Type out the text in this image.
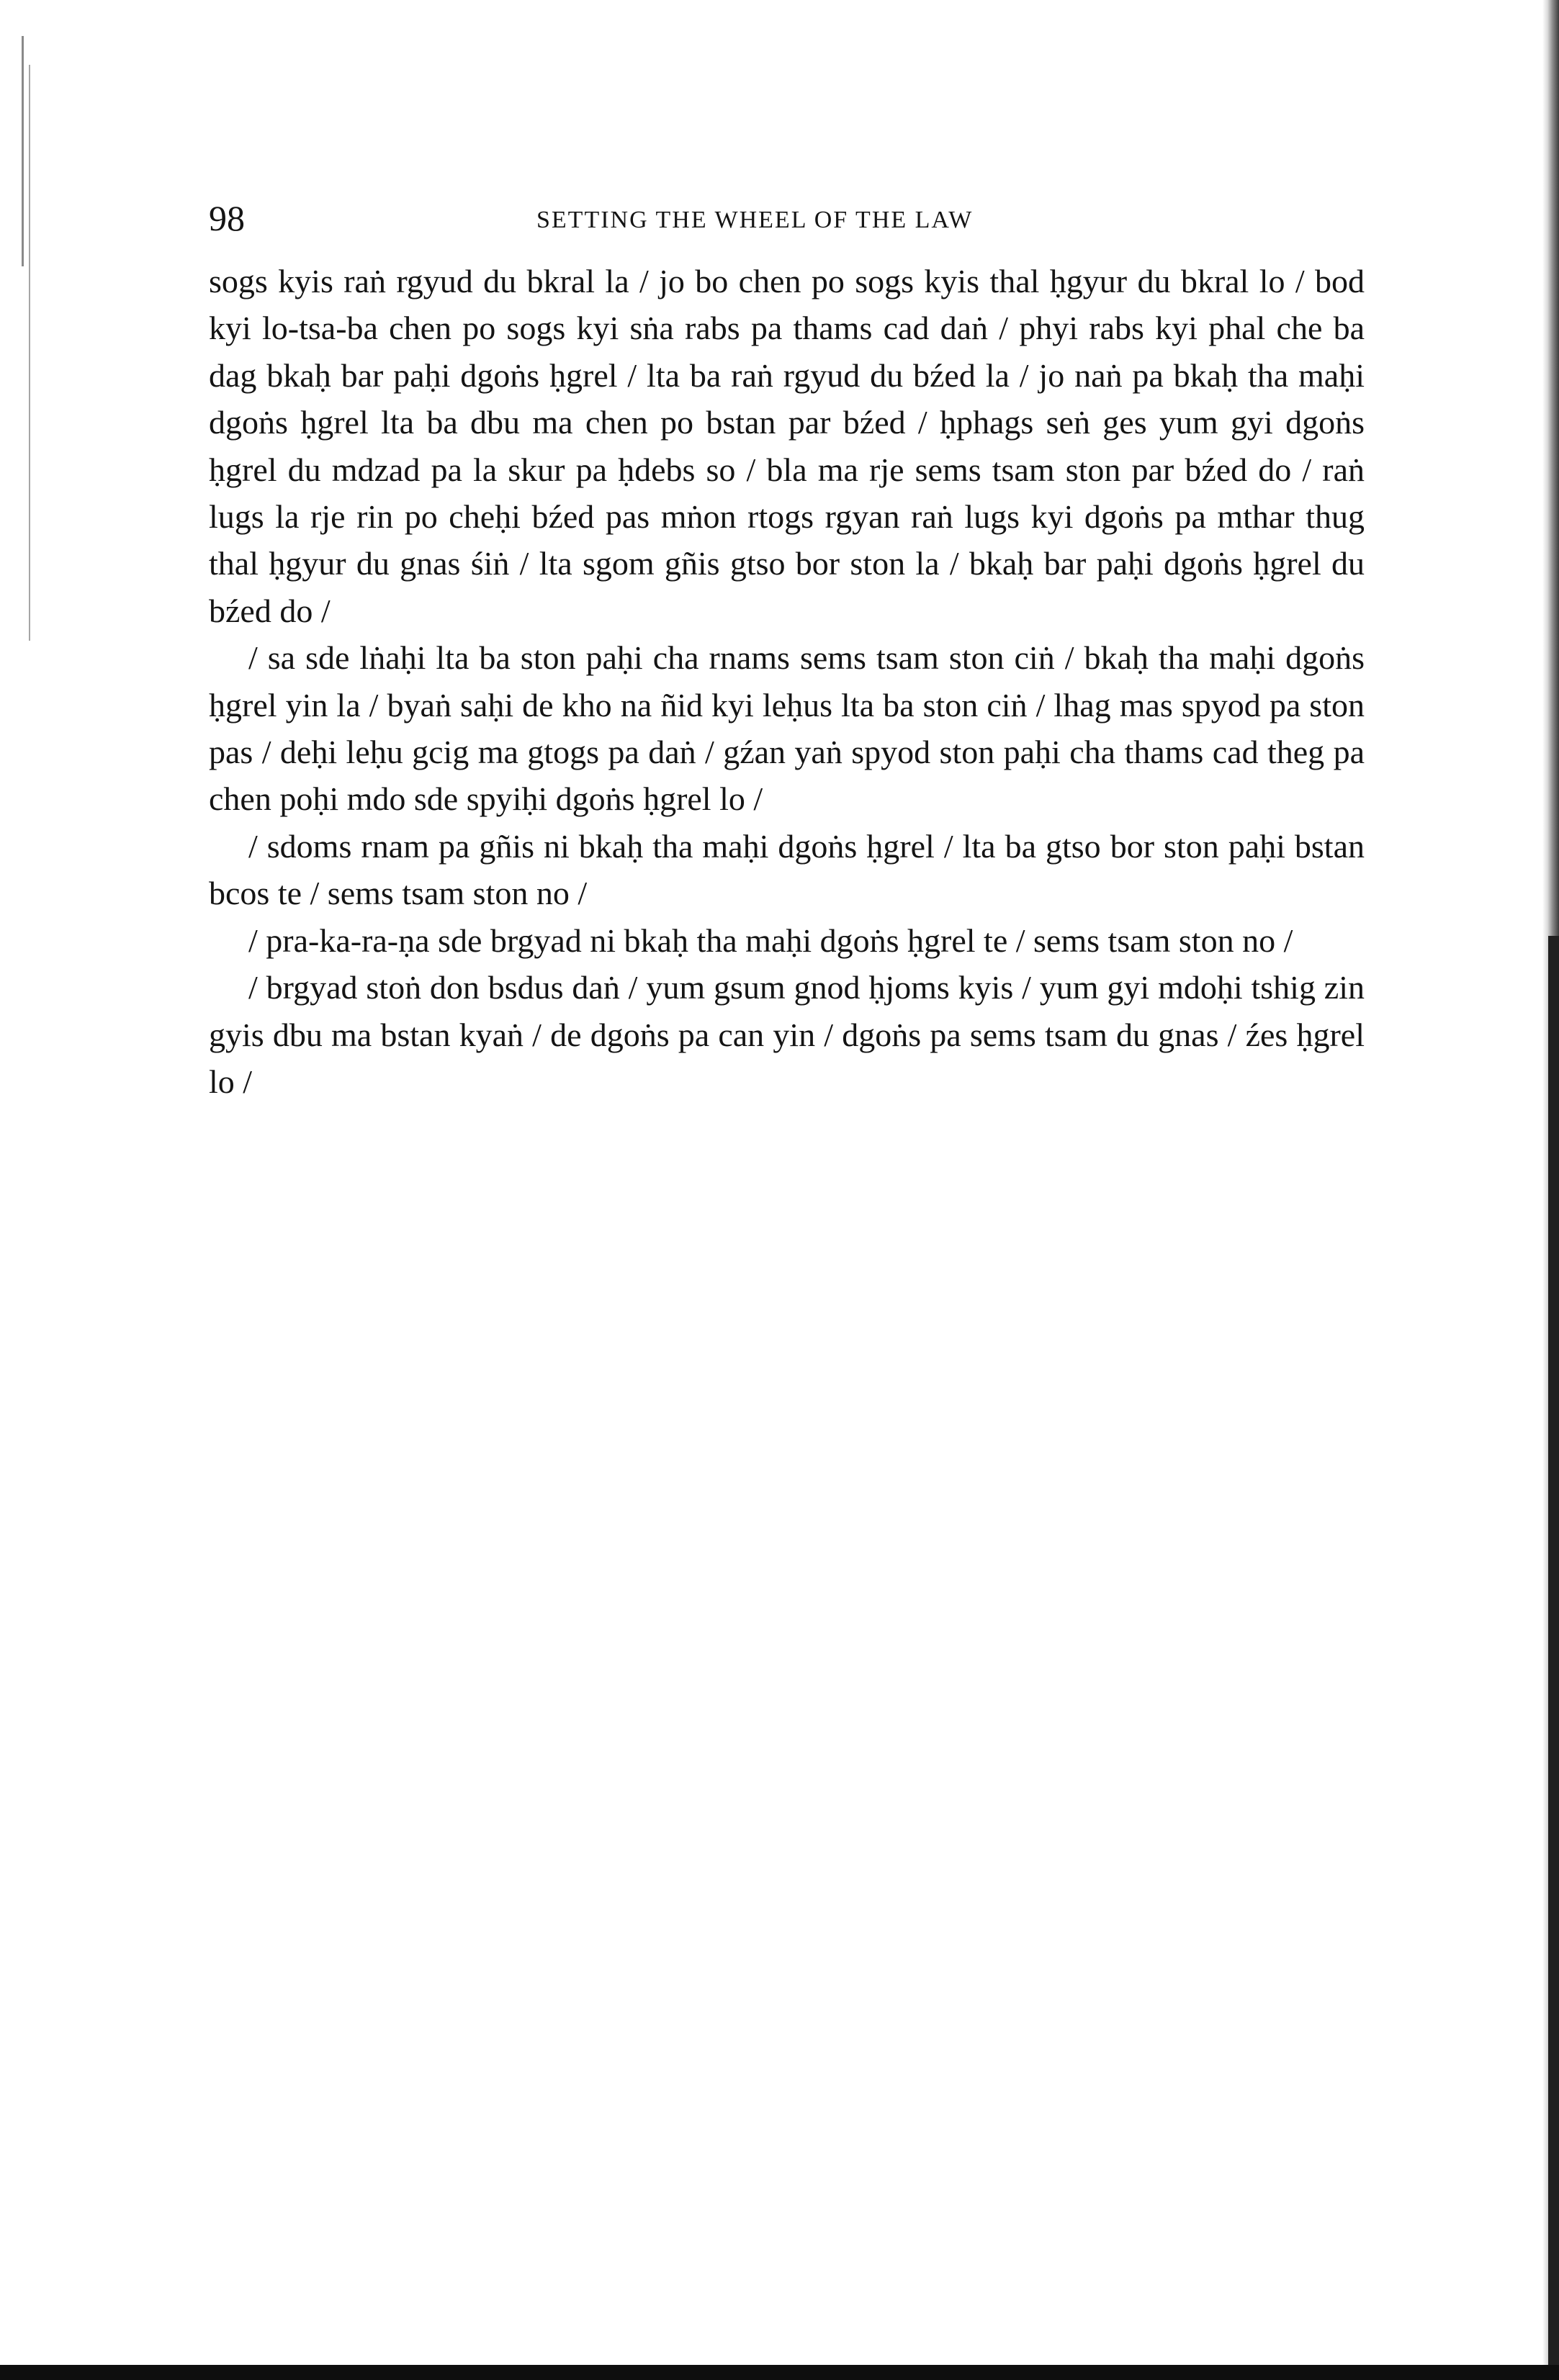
98	SETTING THE WHEEL OF THE LAW

sogs kyis raṅ rgyud du bkral la / jo bo chen po sogs kyis thal ḥgyur du bkral lo / bod kyi lo-tsa-ba chen po sogs kyi sṅa rabs pa thams cad daṅ / phyi rabs kyi phal che ba dag bkaḥ bar paḥi dgoṅs ḥgrel / lta ba raṅ rgyud du bźed la / jo naṅ pa bkaḥ tha maḥi dgoṅs ḥgrel lta ba dbu ma chen po bstan par bźed / ḥphags seṅ ges yum gyi dgoṅs ḥgrel du mdzad pa la skur pa ḥdebs so / bla ma rje sems tsam ston par bźed do / raṅ lugs la rje rin po cheḥi bźed pas mṅon rtogs rgyan raṅ lugs kyi dgoṅs pa mthar thug thal ḥgyur du gnas śiṅ / lta sgom gñis gtso bor ston la / bkaḥ bar paḥi dgoṅs ḥgrel du bźed do /

/ sa sde lṅaḥi lta ba ston paḥi cha rnams sems tsam ston ciṅ / bkaḥ tha maḥi dgoṅs ḥgrel yin la / byaṅ saḥi de kho na ñid kyi leḥus lta ba ston ciṅ / lhag mas spyod pa ston pas / deḥi leḥu gcig ma gtogs pa daṅ / gźan yaṅ spyod ston paḥi cha thams cad theg pa chen poḥi mdo sde spyiḥi dgoṅs ḥgrel lo /

/ sdoms rnam pa gñis ni bkaḥ tha maḥi dgoṅs ḥgrel / lta ba gtso bor ston paḥi bstan bcos te / sems tsam ston no /

/ pra-ka-ra-ṇa sde brgyad ni bkaḥ tha maḥi dgoṅs ḥgrel te / sems tsam ston no /

/ brgyad stoṅ don bsdus daṅ / yum gsum gnod ḥjoms kyis / yum gyi mdoḥi tshig zin gyis dbu ma bstan kyaṅ / de dgoṅs pa can yin / dgoṅs pa sems tsam du gnas / źes ḥgrel lo /
